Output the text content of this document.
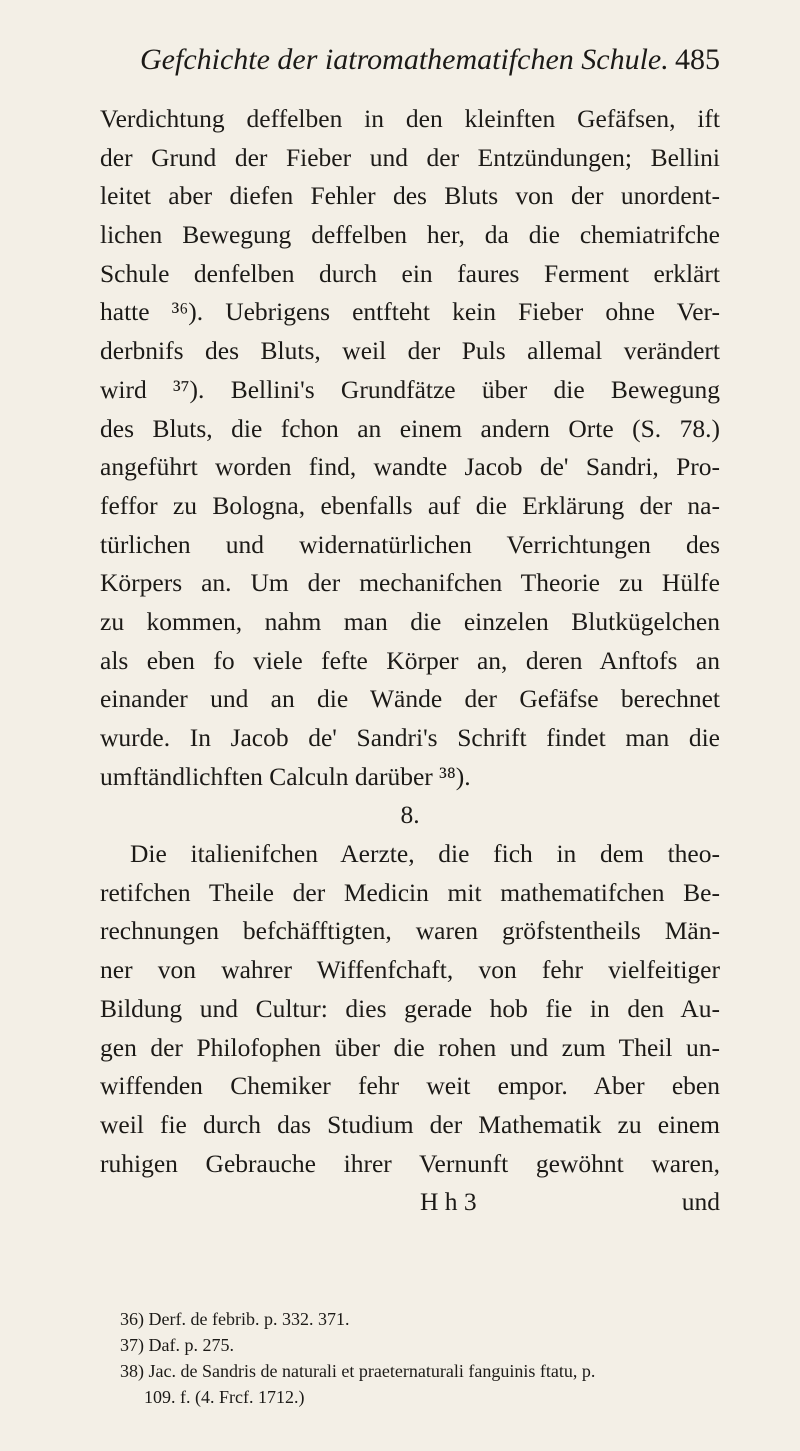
Gefchichte der iatromathematifchen Schule. 485
Verdichtung deffelben in den kleinften Gefäfsen, ift
der Grund der Fieber und der Entzündungen; Bellini
leitet aber diefen Fehler des Bluts von der unordent-
lichen Bewegung deffelben her, da die chemiatrifche
Schule denfelben durch ein faures Ferment erklärt
hatte ³⁶). Uebrigens entfteht kein Fieber ohne Ver-
derbnifs des Bluts, weil der Puls allemal verändert
wird ³⁷). Bellini's Grundfätze über die Bewegung
des Bluts, die fchon an einem andern Orte (S. 78.)
angeführt worden find, wandte Jacob de' Sandri, Pro-
feffor zu Bologna, ebenfalls auf die Erklärung der na-
türlichen und widernatürlichen Verrichtungen des
Körpers an. Um der mechanifchen Theorie zu Hülfe
zu kommen, nahm man die einzelen Blutkügelchen
als eben fo viele fefte Körper an, deren Anftofs an
einander und an die Wände der Gefäfse berechnet
wurde. In Jacob de' Sandri's Schrift findet man die
umftändlichften Calculn darüber ³⁸).
8.
Die italienifchen Aerzte, die fich in dem theo-
retifchen Theile der Medicin mit mathematifchen Be-
rechnungen befchäfftigten, waren gröfstentheils Män-
ner von wahrer Wiffenfchaft, von fehr vielfeitiger
Bildung und Cultur: dies gerade hob fie in den Au-
gen der Philofophen über die rohen und zum Theil un-
wiffenden Chemiker fehr weit empor. Aber eben
weil fie durch das Studium der Mathematik zu einem
ruhigen Gebrauche ihrer Vernunft gewöhnt waren,
H h 3	und
36) Derf. de febrib. p. 332. 371.
37) Daf. p. 275.
38) Jac. de Sandris de naturali et praeternaturali fanguinis ftatu, p.
109. f. (4. Frcf. 1712.)
